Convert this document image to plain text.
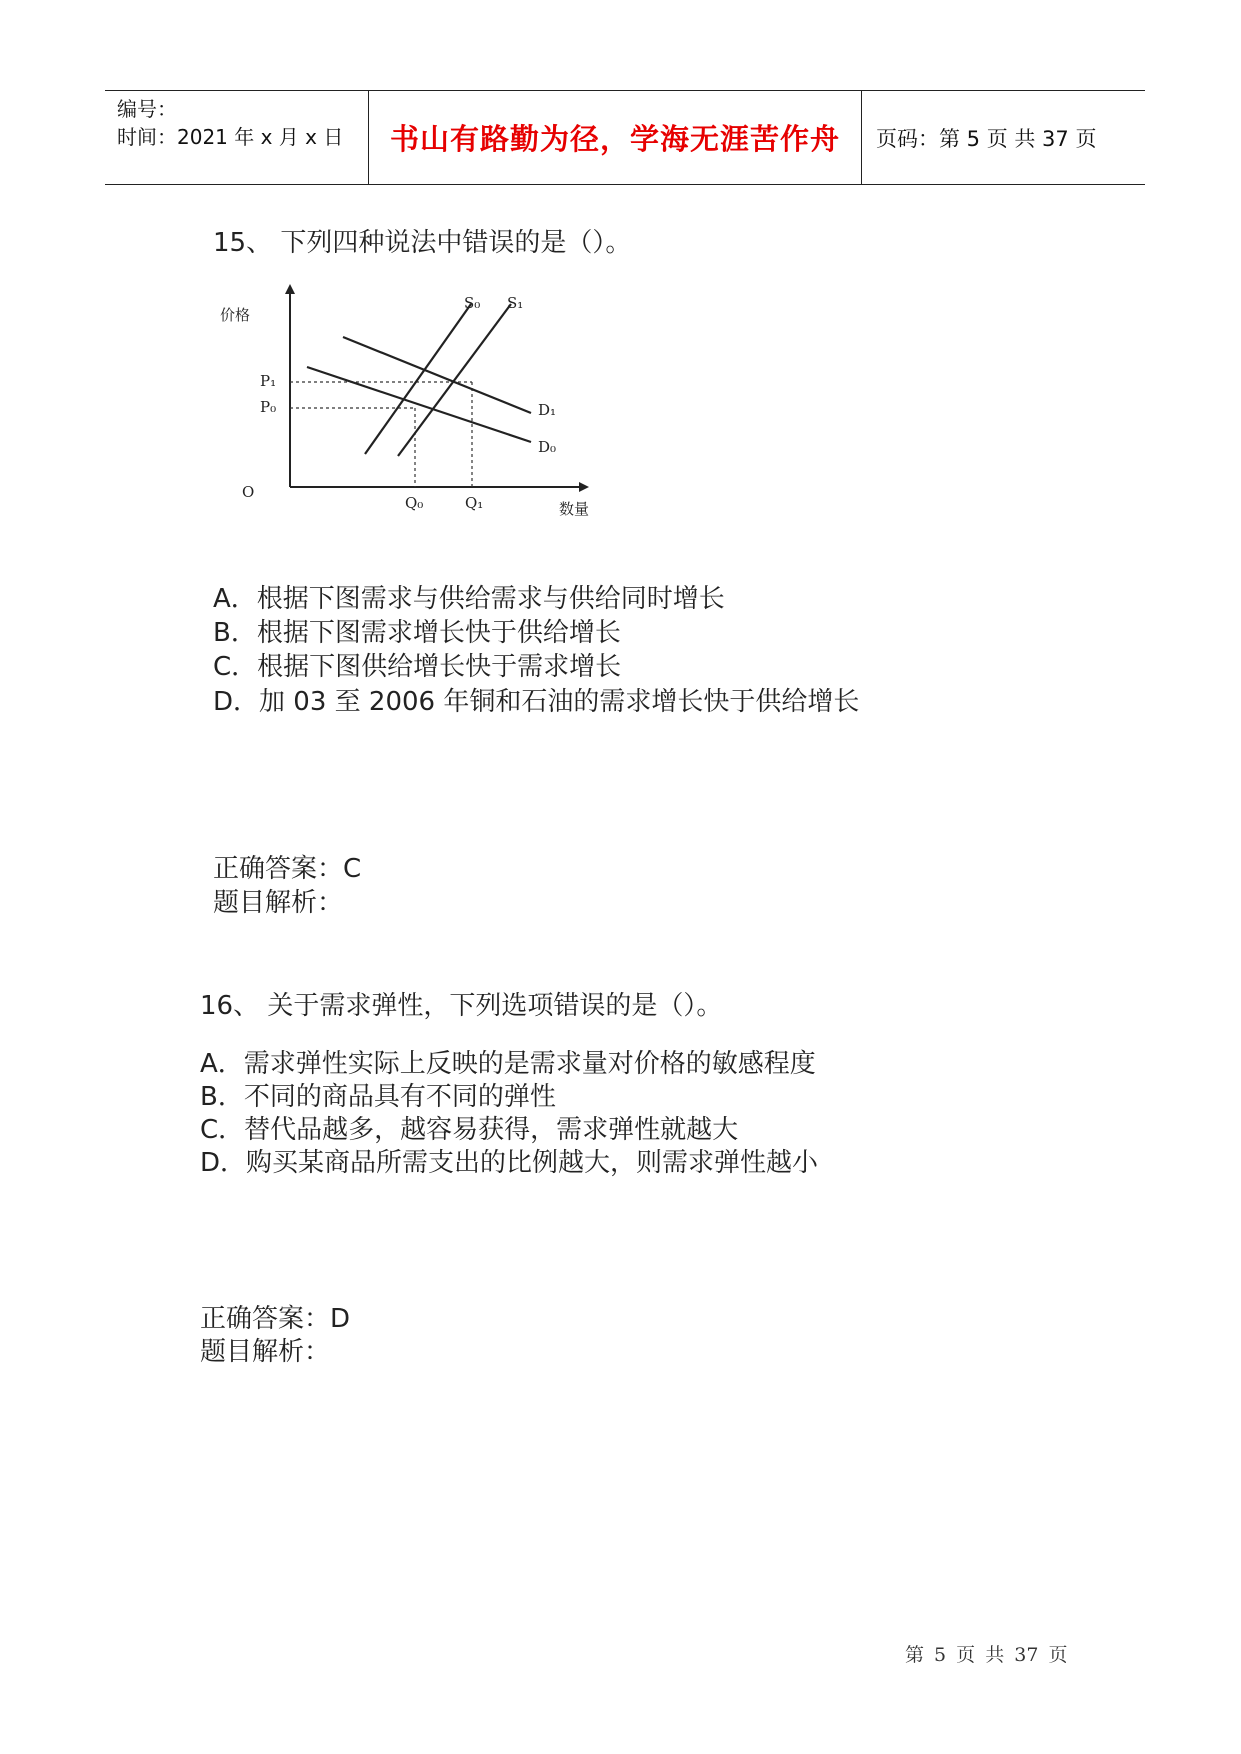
编号：
时间：2021 年 x 月 x 日 书山有路勤为径，学海无涯苦作舟	页码：第 5 页 共 37 页
15、 下列四种说法中错误的是（）。
价格
数量
O
P₁
P₀
Q₀	Q₁
S₀ S₁
D₁
D₀
A．根据下图需求与供给需求与供给同时增长
B．根据下图需求增长快于供给增长
C．根据下图供给增长快于需求增长
D．加 03 至 2006 年铜和石油的需求增长快于供给增长
正确答案：C
题目解析：
16、 关于需求弹性，下列选项错误的是（）。
A．需求弹性实际上反映的是需求量对价格的敏感程度
B．不同的商品具有不同的弹性
C．替代品越多，越容易获得，需求弹性就越大
D．购买某商品所需支出的比例越大，则需求弹性越小
正确答案：D
题目解析：
第 5 页 共 37 页
